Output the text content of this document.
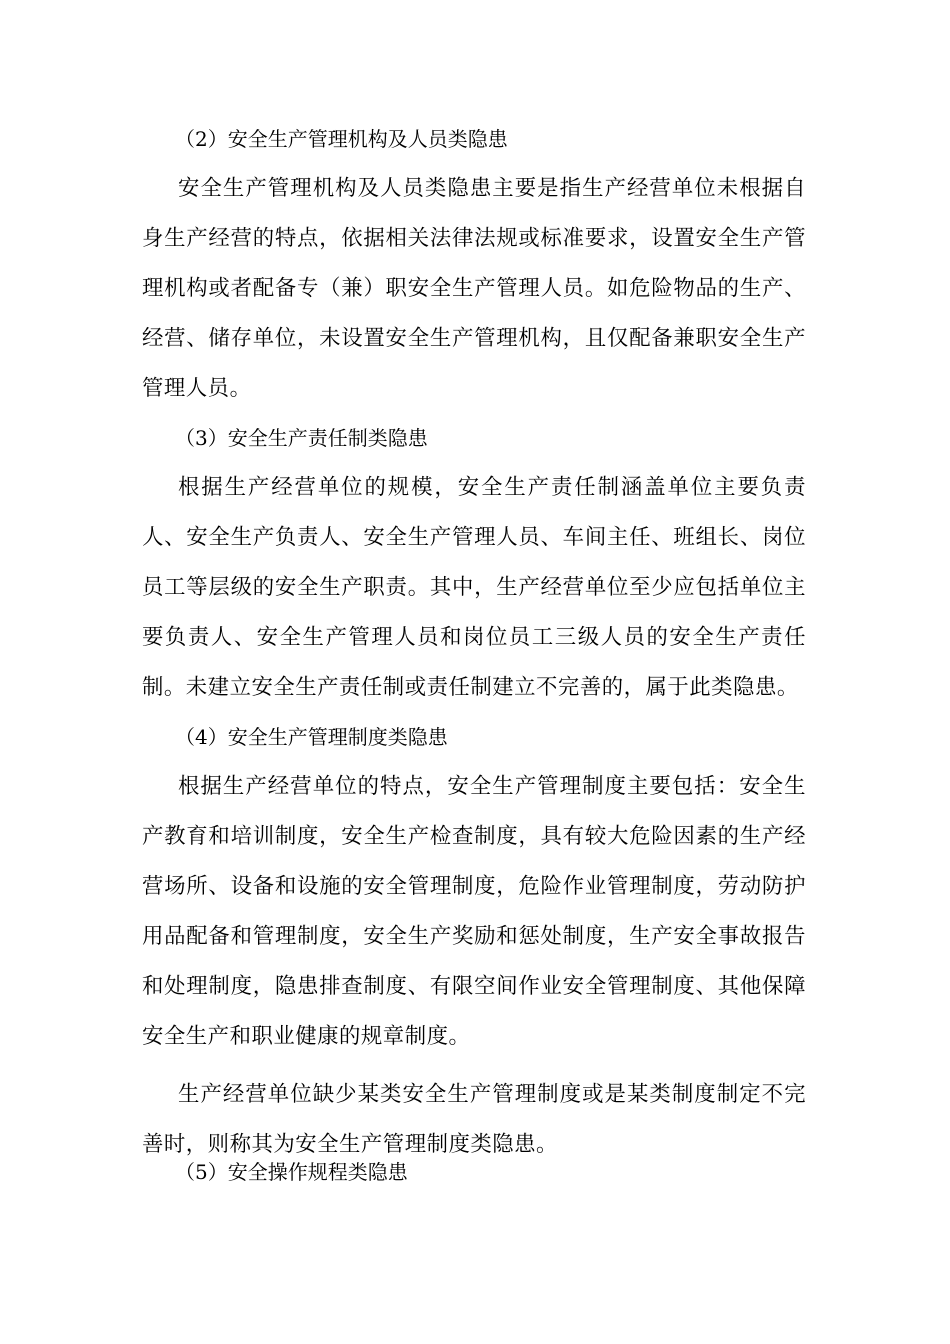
（2）安全生产管理机构及人员类隐患
安全生产管理机构及人员类隐患主要是指生产经营单位未根据自身生产经营的特点，依据相关法律法规或标准要求，设置安全生产管理机构或者配备专（兼）职安全生产管理人员。如危险物品的生产、经营、储存单位，未设置安全生产管理机构，且仅配备兼职安全生产管理人员。
（3）安全生产责任制类隐患
根据生产经营单位的规模，安全生产责任制涵盖单位主要负责人、安全生产负责人、安全生产管理人员、车间主任、班组长、岗位员工等层级的安全生产职责。其中，生产经营单位至少应包括单位主要负责人、安全生产管理人员和岗位员工三级人员的安全生产责任制。未建立安全生产责任制或责任制建立不完善的，属于此类隐患。
（4）安全生产管理制度类隐患
根据生产经营单位的特点，安全生产管理制度主要包括：安全生产教育和培训制度，安全生产检查制度，具有较大危险因素的生产经营场所、设备和设施的安全管理制度，危险作业管理制度，劳动防护用品配备和管理制度，安全生产奖励和惩处制度，生产安全事故报告和处理制度，隐患排查制度、有限空间作业安全管理制度、其他保障安全生产和职业健康的规章制度。
生产经营单位缺少某类安全生产管理制度或是某类制度制定不完善时，则称其为安全生产管理制度类隐患。
（5）安全操作规程类隐患
